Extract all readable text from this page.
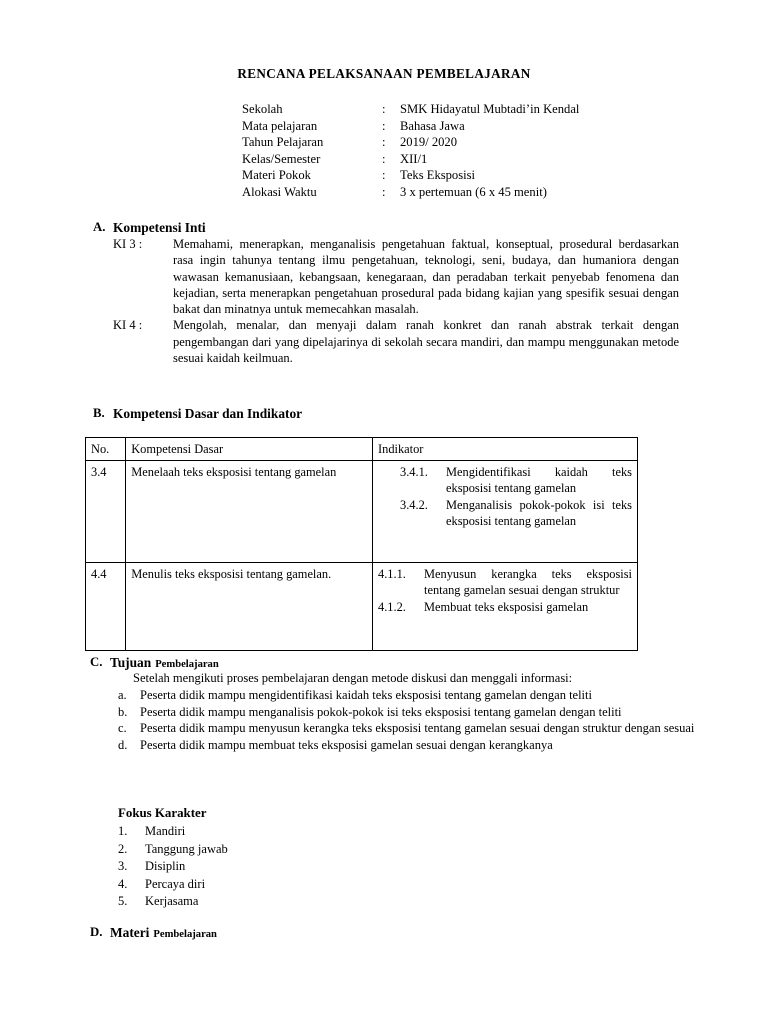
RENCANA PELAKSANAAN PEMBELAJARAN
Sekolah	:	SMK Hidayatul Mubtadi’in Kendal
Mata pelajaran	:	Bahasa Jawa
Tahun Pelajaran	:	2019/ 2020
Kelas/Semester	:	XII/1
Materi Pokok	:	Teks Eksposisi
Alokasi Waktu	:	3 x pertemuan (6 x 45 menit)
A. Kompetensi Inti
KI 3 :	Memahami, menerapkan, menganalisis pengetahuan faktual, konseptual, prosedural berdasarkan rasa ingin tahunya tentang ilmu pengetahuan, teknologi, seni, budaya, dan humaniora dengan wawasan kemanusiaan, kebangsaan, kenegaraan, dan peradaban terkait penyebab fenomena dan kejadian, serta menerapkan pengetahuan prosedural pada bidang kajian yang spesifik sesuai dengan bakat dan minatnya untuk memecahkan masalah.
KI 4 :	Mengolah, menalar, dan menyaji dalam ranah konkret dan ranah abstrak terkait dengan pengembangan dari yang dipelajarinya di sekolah secara mandiri, dan mampu menggunakan metode sesuai kaidah keilmuan.
B. Kompetensi Dasar dan Indikator
No.	Kompetensi Dasar	Indikator
3.4	Menelaah teks eksposisi tentang gamelan	3.4.1. Mengidentifikasi kaidah teks eksposisi tentang gamelan
3.4.2. Menganalisis pokok-pokok isi teks eksposisi tentang gamelan

4.4	Menulis teks eksposisi tentang gamelan.	4.1.1. Menyusun kerangka teks eksposisi tentang gamelan sesuai dengan struktur
4.1.2. Membuat teks eksposisi gamelan
C. Tujuan Pembelajaran
Setelah mengikuti proses pembelajaran dengan metode diskusi dan menggali informasi:
a.	Peserta didik mampu mengidentifikasi kaidah teks eksposisi tentang gamelan dengan teliti
b.	Peserta didik mampu menganalisis pokok-pokok isi teks eksposisi tentang gamelan dengan teliti
c.	Peserta didik mampu menyusun kerangka teks eksposisi tentang gamelan sesuai dengan struktur dengan sesuai
d.	Peserta didik mampu membuat teks eksposisi gamelan sesuai dengan kerangkanya
Fokus Karakter
1.	Mandiri
2.	Tanggung jawab
3.	Disiplin
4.	Percaya diri
5.	Kerjasama
D. Materi Pembelajaran
